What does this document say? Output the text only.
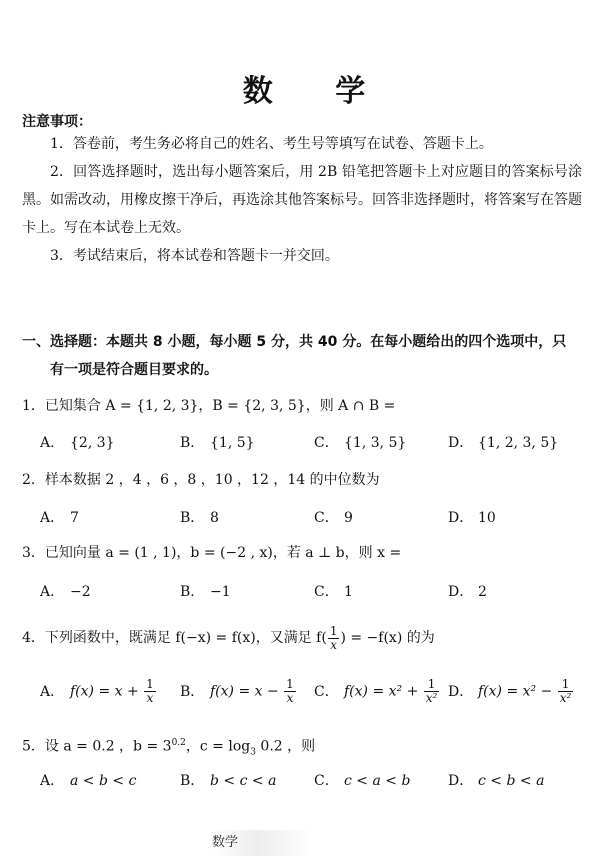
数 学
注意事项：
1．答卷前，考生务必将自己的姓名、考生号等填写在试卷、答题卡上。
2．回答选择题时，选出每小题答案后，用 2B 铅笔把答题卡上对应题目的答案标号涂黑。如需改动，用橡皮擦干净后，再选涂其他答案标号。回答非选择题时，将答案写在答题卡上。写在本试卷上无效。
3．考试结束后，将本试卷和答题卡一并交回。
一、选择题：本题共 8 小题，每小题 5 分，共 40 分。在每小题给出的四个选项中，只
有一项是符合题目要求的。
1．已知集合 A = {1, 2, 3}，B = {2, 3, 5}，则 A ∩ B =
A． {2, 3}	B． {1, 5}	C． {1, 3, 5}	D． {1, 2, 3, 5}
2．样本数据 2 ，4 ，6 ，8 ，10 ，12 ，14 的中位数为
A． 7	B． 8	C． 9	D． 10
3．已知向量 a = (1 , 1)，b = (−2 , x)，若 a ⊥ b，则 x =
A． −2	B． −1	C． 1	D． 2
4．下列函数中，既满足 f(−x) = f(x)，又满足 $f( \frac{1}{x}$ ) = −f(x) 的为
A． $f(x) = x + \frac{1}{x}$ B． $f(x) = x - \frac{1}{x}$ C． $f(x) = x^2 + \frac{1}{\text{x²}}$ D． $f(x) = x^2 - \frac{1}{\text{x²}}$
5．设 a = 0.2 ，$b = 3^{0.2}$，$c = \log_3 0.2$ ，则
A． a < b < c	B． b < c < a	C． c < a < b	D． c < b < a
数学
